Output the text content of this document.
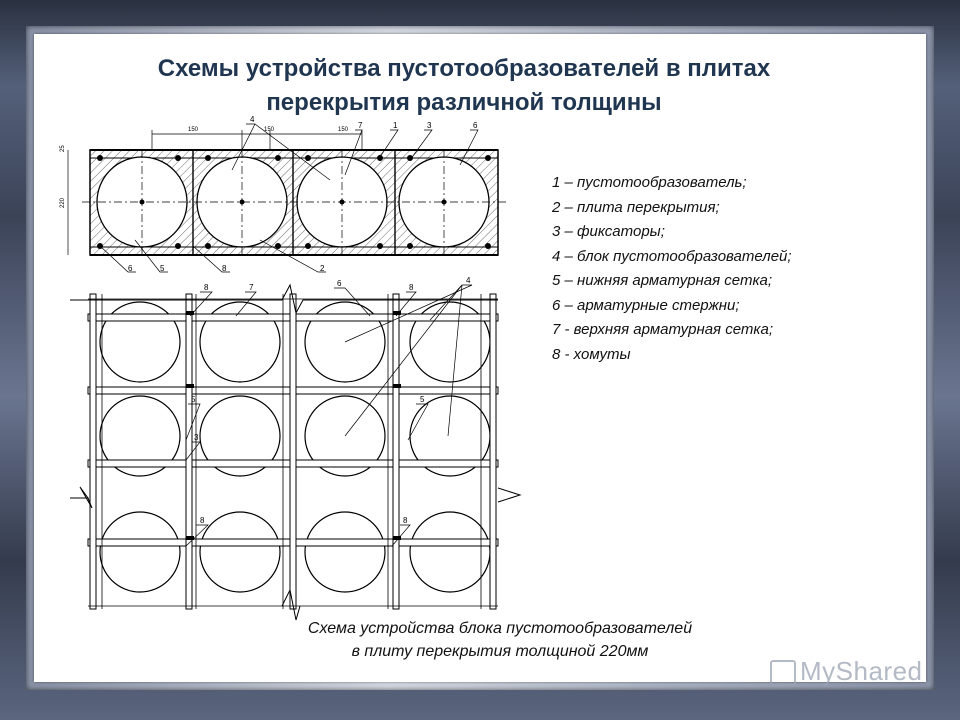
Схемы устройства пустотообразователей в плитах
перекрытия различной толщины
150	150	150
220
25
4
7	1	3	6
6	5	8	2
8	7	6	8
4
5
3
5
8	8
1 – пустотообразователь;
2 – плита перекрытия;
3 – фиксаторы;
4 – блок пустотообразователей;
5 – нижняя арматурная сетка;
6 – арматурные стержни;
7 - верхняя арматурная сетка;
8 - хомуты
Схема устройства блока пустотообразователей
в плиту перекрытия толщиной 220мм
MyShared
